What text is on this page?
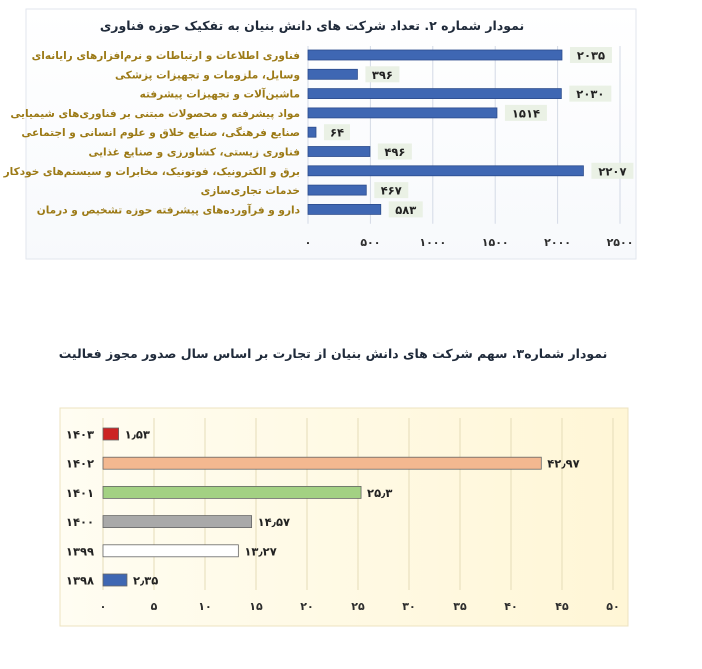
نمودار شماره ۲. تعداد شرکت های دانش بنیان به تفکیک حوزه فناوری
۲۰۳۵
۳۹۶
۲۰۳۰
۱۵۱۴
۶۴
۴۹۶
۲۲۰۷
۴۶۷
۵۸۳
فناوری اطلاعات و ارتباطات و نرم‌افزارهای رایانه‌ای
وسایل، ملزومات و تجهیزات پزشکی
ماشین‌آلات و تجهیزات پیشرفته
مواد پیشرفته و محصولات مبتنی بر فناوری‌های شیمیایی
صنایع فرهنگی، صنایع خلاق و علوم انسانی و اجتماعی
فناوری زیستی، کشاورزی و صنایع غذایی
برق و الکترونیک، فوتونیک، مخابرات و سیستم‌های خودکار
خدمات تجاری‌سازی
دارو و فرآورده‌های پیشرفته حوزه تشخیص و درمان
۰	۵۰۰	۱۰۰۰	۱۵۰۰	۲۰۰۰	۲۵۰۰
نمودار شماره۳. سهم شرکت های دانش بنیان از تجارت بر اساس سال صدور مجوز فعالیت
۱٫۵۳
۴۲٫۹۷
۲۵٫۳
۱۴٫۵۷
۱۳٫۲۷
۲٫۳۵
۱۴۰۳
۱۴۰۲
۱۴۰۱
۱۴۰۰
۱۳۹۹
۱۳۹۸
۰	۵	۱۰	۱۵	۲۰	۲۵	۳۰	۳۵	۴۰	۴۵	۵۰
